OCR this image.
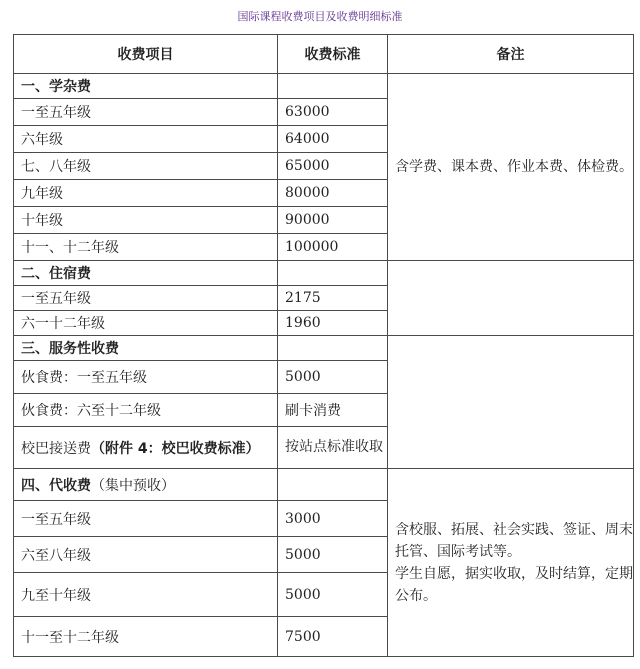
国际课程收费项目及收费明细标准
收费项目	收费标准	备注
一、学杂费		含学费、课本费、作业本费、体检费。
一至五年级	63000	
六年级	64000	
七、八年级	65000	
九年级	80000	
十年级	90000	
十一、十二年级	100000	
二、住宿费		
一至五年级	2175	
六一十二年级	1960	
三、服务性收费		
伙食费：一至五年级	5000	
伙食费：六至十二年级	刷卡消费	
校巴接送费（附件 4：校巴收费标准）	按站点标准收取	
四、代收费（集中预收）		含校服、拓展、社会实践、签证、周末托管、国际考试等。
学生自愿，据实收取，及时结算，定期公布。

一至五年级	3000	
六至八年级	5000	
九至十年级	5000	
十一至十二年级	7500	
